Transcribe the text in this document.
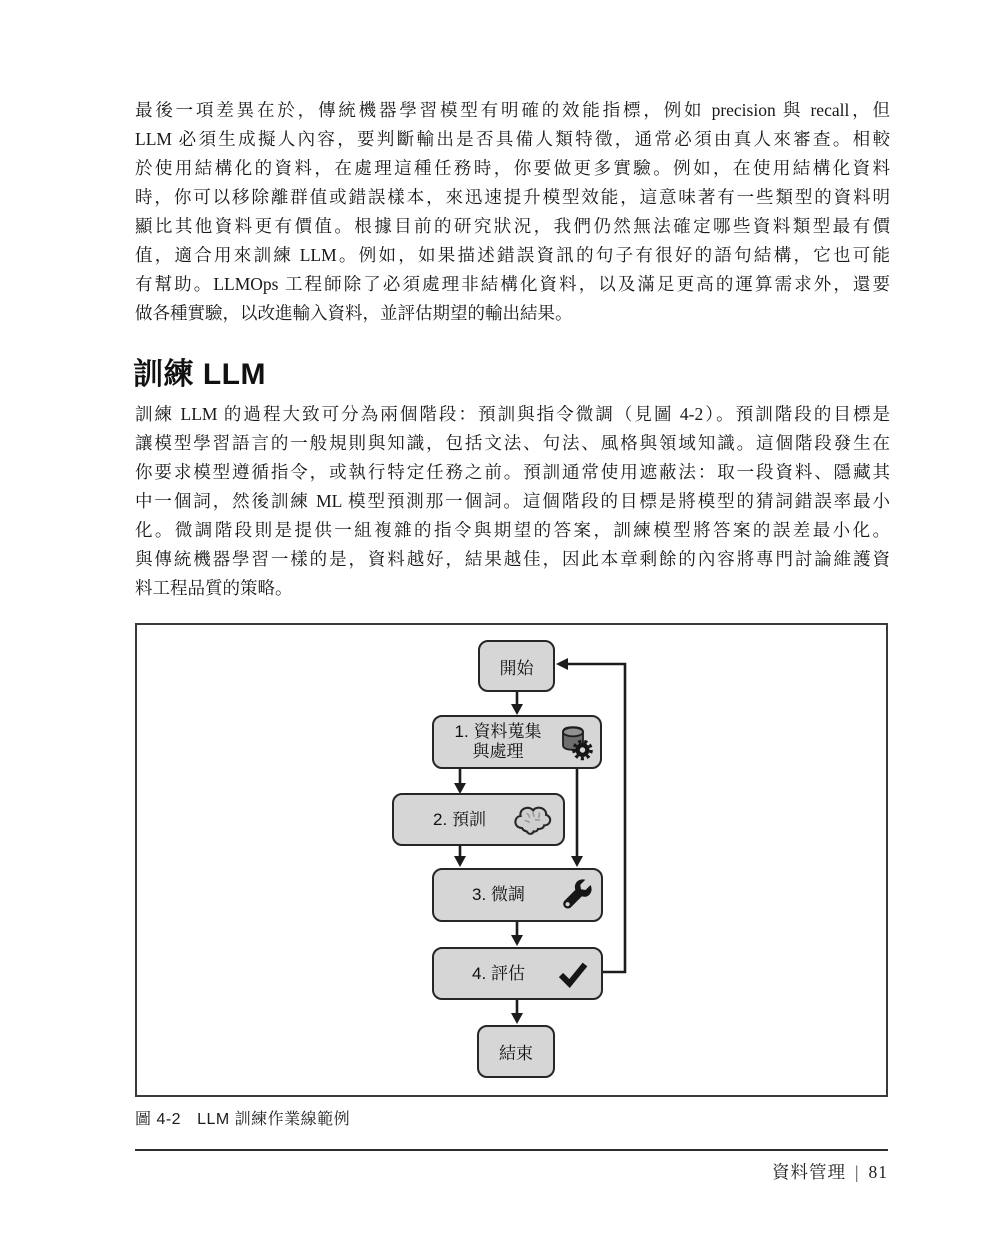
最後一項差異在於，傳統機器學習模型有明確的效能指標，例如 precision 與 recall，但
LLM 必須生成擬人內容，要判斷輸出是否具備人類特徵，通常必須由真人來審查。相較
於使用結構化的資料，在處理這種任務時，你要做更多實驗。例如，在使用結構化資料
時，你可以移除離群值或錯誤樣本，來迅速提升模型效能，這意味著有一些類型的資料明
顯比其他資料更有價值。根據目前的研究狀況，我們仍然無法確定哪些資料類型最有價
值，適合用來訓練 LLM。例如，如果描述錯誤資訊的句子有很好的語句結構，它也可能
有幫助。LLMOps 工程師除了必須處理非結構化資料，以及滿足更高的運算需求外，還要
做各種實驗，以改進輸入資料，並評估期望的輸出結果。
訓練 LLM
訓練 LLM 的過程大致可分為兩個階段：預訓與指令微調（見圖 4-2）。預訓階段的目標是
讓模型學習語言的一般規則與知識，包括文法、句法、風格與領域知識。這個階段發生在
你要求模型遵循指令，或執行特定任務之前。預訓通常使用遮蔽法：取一段資料、隱藏其
中一個詞，然後訓練 ML 模型預測那一個詞。這個階段的目標是將模型的猜詞錯誤率最小
化。微調階段則是提供一組複雜的指令與期望的答案，訓練模型將答案的誤差最小化。
與傳統機器學習一樣的是，資料越好，結果越佳，因此本章剩餘的內容將專門討論維護資
料工程品質的策略。
開始
1. 資料蒐集
與處理
2. 預訓
3. 微調
4. 評估
結束
圖 4-2 LLM 訓練作業線範例
資料管理 | 81
